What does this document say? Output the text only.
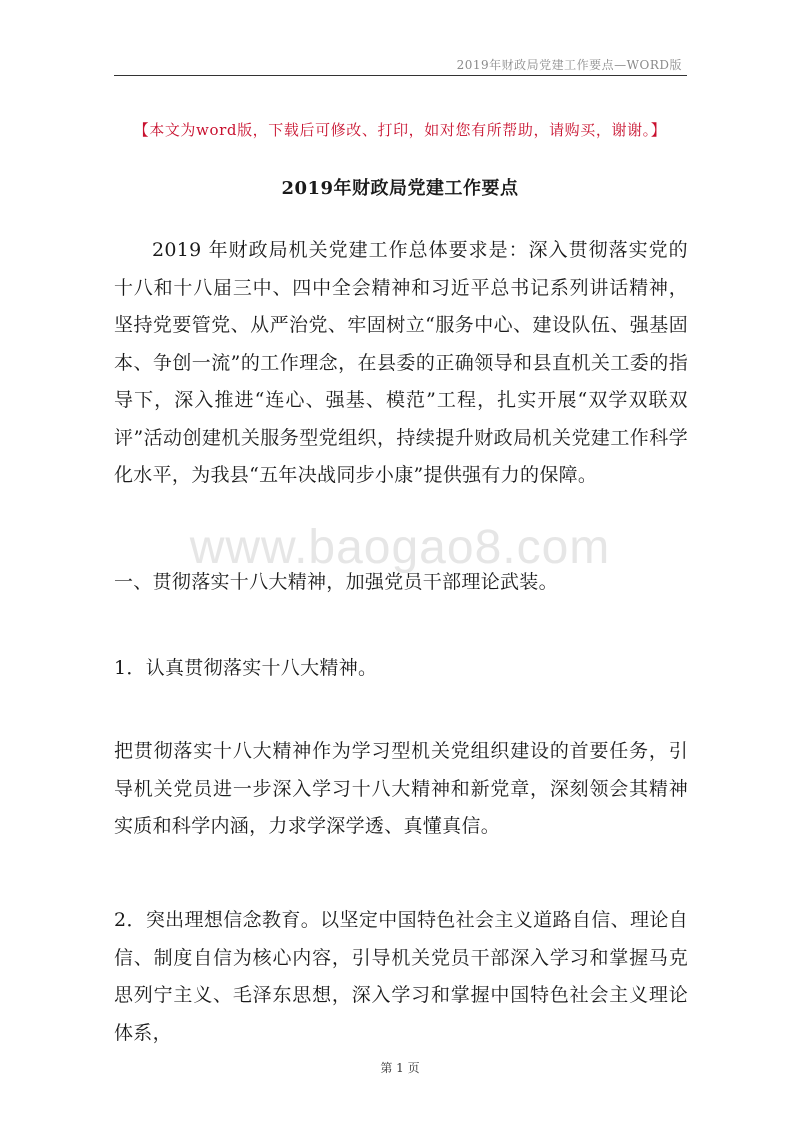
2019年财政局党建工作要点—WORD版
【本文为word版，下载后可修改、打印，如对您有所帮助，请购买，谢谢。】
2019年财政局党建工作要点
www.baogao8.com

2019 年财政局机关党建工作总体要求是：深入贯彻落实党的十八和十八届三中、四中全会精神和习近平总书记系列讲话精神，坚持党要管党、从严治党、牢固树立“服务中心、建设队伍、强基固本、争创一流”的工作理念，在县委的正确领导和县直机关工委的指导下，深入推进“连心、强基、模范”工程，扎实开展“双学双联双评”活动创建机关服务型党组织，持续提升财政局机关党建工作科学化水平，为我县“五年决战同步小康”提供强有力的保障。

一、贯彻落实十八大精神，加强党员干部理论武装。

1．认真贯彻落实十八大精神。

把贯彻落实十八大精神作为学习型机关党组织建设的首要任务，引导机关党员进一步深入学习十八大精神和新党章，深刻领会其精神实质和科学内涵，力求学深学透、真懂真信。

2．突出理想信念教育。以坚定中国特色社会主义道路自信、理论自信、制度自信为核心内容，引导机关党员干部深入学习和掌握马克思列宁主义、毛泽东思想，深入学习和掌握中国特色社会主义理论体系，

第 1 页
